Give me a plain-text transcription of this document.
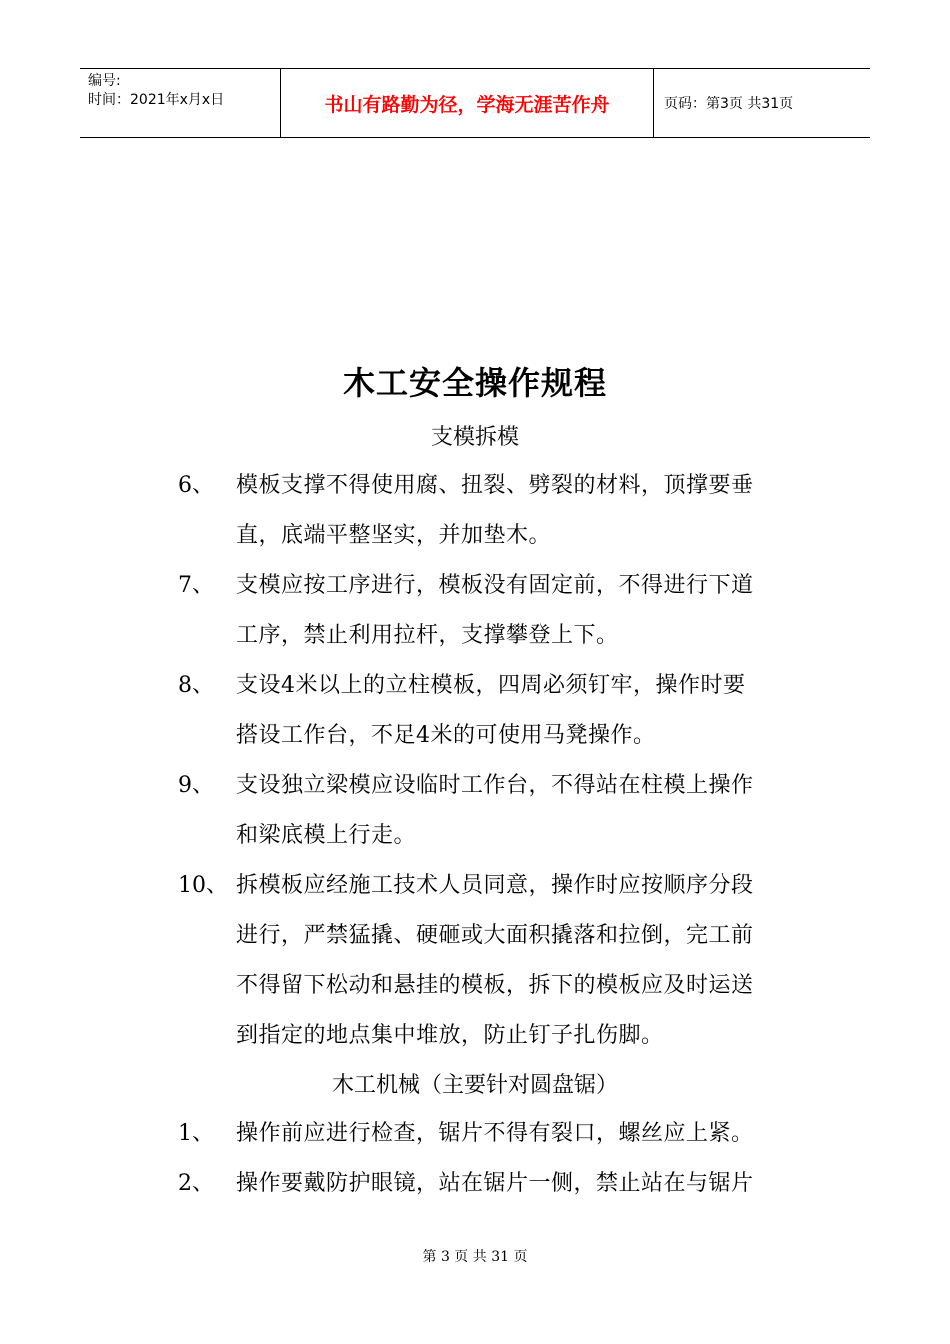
编号:
时间：2021年x月x日	书山有路勤为径，学海无涯苦作舟	页码：第3页 共31页
木工安全操作规程
支模拆模
6、 模板支撑不得使用腐、扭裂、劈裂的材料，顶撑要垂
直，底端平整坚实，并加垫木。
7、 支模应按工序进行，模板没有固定前，不得进行下道
工序，禁止利用拉杆，支撑攀登上下。
8、 支设4米以上的立柱模板，四周必须钉牢，操作时要
搭设工作台，不足4米的可使用马凳操作。
9、 支设独立梁模应设临时工作台，不得站在柱模上操作
和梁底模上行走。
10、 拆模板应经施工技术人员同意，操作时应按顺序分段
进行，严禁猛撬、硬砸或大面积撬落和拉倒，完工前
不得留下松动和悬挂的模板，拆下的模板应及时运送
到指定的地点集中堆放，防止钉子扎伤脚。
木工机械（主要针对圆盘锯）
1、 操作前应进行检查，锯片不得有裂口，螺丝应上紧。
2、 操作要戴防护眼镜，站在锯片一侧，禁止站在与锯片
第 3 页 共 31 页
